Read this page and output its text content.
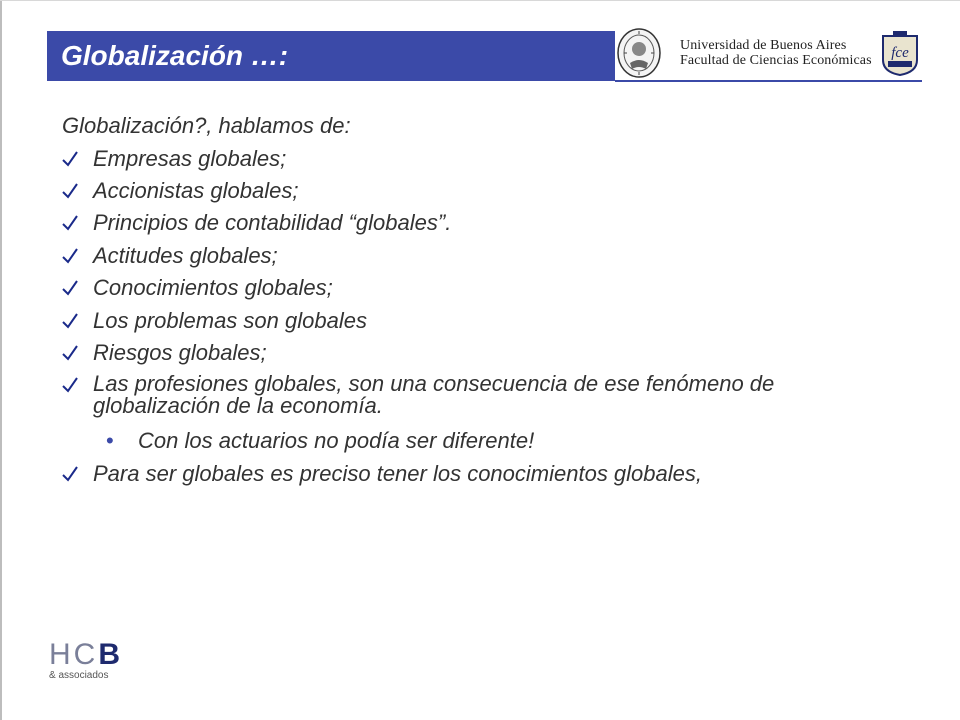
Globalización …:	Universidad de Buenos Aires
Facultad de Ciencias Económicas fce
Globalización?, hablamos de:
Empresas globales;
Accionistas globales;
Principios de contabilidad “globales”.
Actitudes globales;
Conocimientos globales;
Los problemas son globales
Riesgos globales;
Las profesiones globales, son una consecuencia de ese fenómeno de globalización de la economía.
• Con los actuarios no podía ser diferente!
Para ser globales es preciso tener los conocimientos globales,
HCB
& associados
